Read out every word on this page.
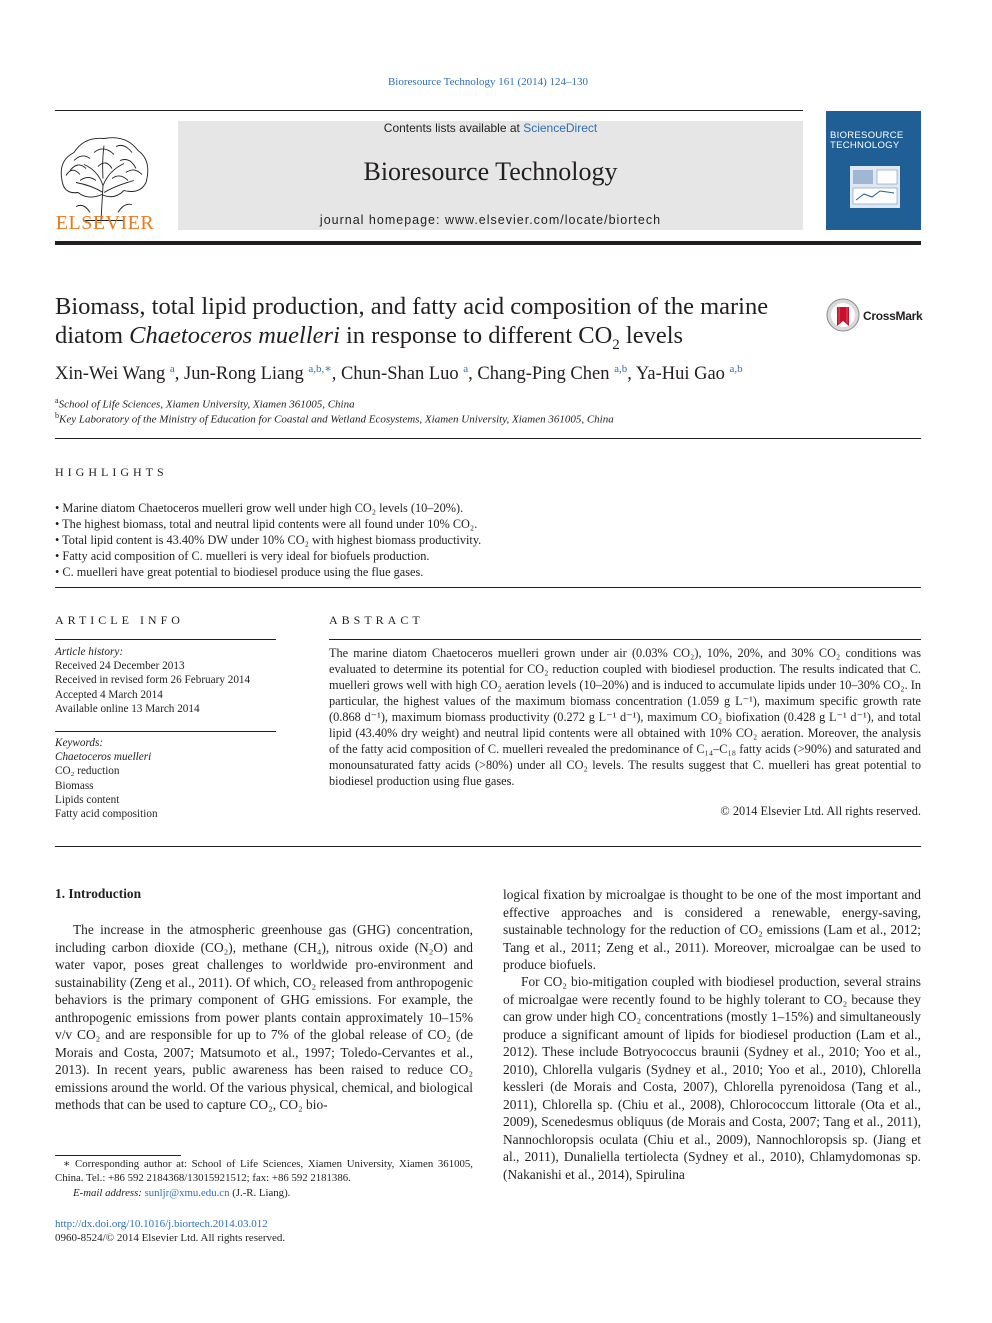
Bioresource Technology 161 (2014) 124–130
ELSEVIER
Contents lists available at ScienceDirect
Bioresource Technology
journal homepage: www.elsevier.com/locate/biortech
BIORESOURCE TECHNOLOGY
Biomass, total lipid production, and fatty acid composition of the marine
diatom Chaetoceros muelleri in response to different $CO_2$ levels
CrossMark
Xin-Wei Wang $^a$, Jun-Rong Liang $^{a,b,∗}$, Chun-Shan Luo $^a$, Chang-Ping Chen $^{a,b}$, Ya-Hui Gao $^{a,b}$
$^a$School of Life Sciences, Xiamen University, Xiamen 361005, China
$^b$Key Laboratory of the Ministry of Education for Coastal and Wetland Ecosystems, Xiamen University, Xiamen 361005, China
HIGHLIGHTS
• Marine diatom Chaetoceros muelleri grow well under high CO₂ levels (10–20%).
• The highest biomass, total and neutral lipid contents were all found under 10% CO₂.
• Total lipid content is 43.40% DW under 10% CO₂ with highest biomass productivity.
• Fatty acid composition of C. muelleri is very ideal for biofuels production.
• C. muelleri have great potential to biodiesel produce using the flue gases.
ARTICLE INFO
Article history:
Received 24 December 2013
Received in revised form 26 February 2014
Accepted 4 March 2014
Available online 13 March 2014
Keywords:
Chaetoceros muelleri
CO₂ reduction
Biomass
Lipids content
Fatty acid composition
ABSTRACT
The marine diatom Chaetoceros muelleri grown under air (0.03% CO₂), 10%, 20%, and 30% CO₂ conditions was evaluated to determine its potential for CO₂ reduction coupled with biodiesel production. The results indicated that C. muelleri grows well with high CO₂ aeration levels (10–20%) and is induced to accumulate lipids under 10–30% CO₂. In particular, the highest values of the maximum biomass concentration (1.059 g L⁻¹), maximum specific growth rate (0.868 d⁻¹), maximum biomass productivity (0.272 g L⁻¹ d⁻¹), maximum CO₂ biofixation (0.428 g L⁻¹ d⁻¹), and total lipid (43.40% dry weight) and neutral lipid contents were all obtained with 10% CO₂ aeration. Moreover, the analysis of the fatty acid composition of C. muelleri revealed the predominance of C₁₄–C₁₈ fatty acids (>90%) and saturated and monounsaturated fatty acids (>80%) under all CO₂ levels. The results suggest that C. muelleri has great potential to biodiesel production using flue gases.
© 2014 Elsevier Ltd. All rights reserved.
1. Introduction
The increase in the atmospheric greenhouse gas (GHG) concentration, including carbon dioxide (CO₂), methane (CH₄), nitrous oxide (N₂O) and water vapor, poses great challenges to worldwide pro-environment and sustainability (Zeng et al., 2011). Of which, CO₂ released from anthropogenic behaviors is the primary component of GHG emissions. For example, the anthropogenic emissions from power plants contain approximately 10–15% v/v CO₂ and are responsible for up to 7% of the global release of CO₂ (de Morais and Costa, 2007; Matsumoto et al., 1997; Toledo-Cervantes et al., 2013). In recent years, public awareness has been raised to reduce CO₂ emissions around the world. Of the various physical, chemical, and biological methods that can be used to capture CO₂, CO₂ bio-
logical fixation by microalgae is thought to be one of the most important and effective approaches and is considered a renewable, energy-saving, sustainable technology for the reduction of CO₂ emissions (Lam et al., 2012; Tang et al., 2011; Zeng et al., 2011). Moreover, microalgae can be used to produce biofuels.
For CO₂ bio-mitigation coupled with biodiesel production, several strains of microalgae were recently found to be highly tolerant to CO₂ because they can grow under high CO₂ concentrations (mostly 1–15%) and simultaneously produce a significant amount of lipids for biodiesel production (Lam et al., 2012). These include Botryococcus braunii (Sydney et al., 2010; Yoo et al., 2010), Chlorella vulgaris (Sydney et al., 2010; Yoo et al., 2010), Chlorella kessleri (de Morais and Costa, 2007), Chlorella pyrenoidosa (Tang et al., 2011), Chlorella sp. (Chiu et al., 2008), Chlorococcum littorale (Ota et al., 2009), Scenedesmus obliquus (de Morais and Costa, 2007; Tang et al., 2011), Nannochloropsis oculata (Chiu et al., 2009), Nannochloropsis sp. (Jiang et al., 2011), Dunaliella tertiolecta (Sydney et al., 2010), Chlamydomonas sp. (Nakanishi et al., 2014), Spirulina
∗ Corresponding author at: School of Life Sciences, Xiamen University, Xiamen 361005, China. Tel.: +86 592 2184368/13015921512; fax: +86 592 2181386.
E-mail address: sunljr@xmu.edu.cn (J.-R. Liang).
http://dx.doi.org/10.1016/j.biortech.2014.03.012
0960-8524/© 2014 Elsevier Ltd. All rights reserved.
